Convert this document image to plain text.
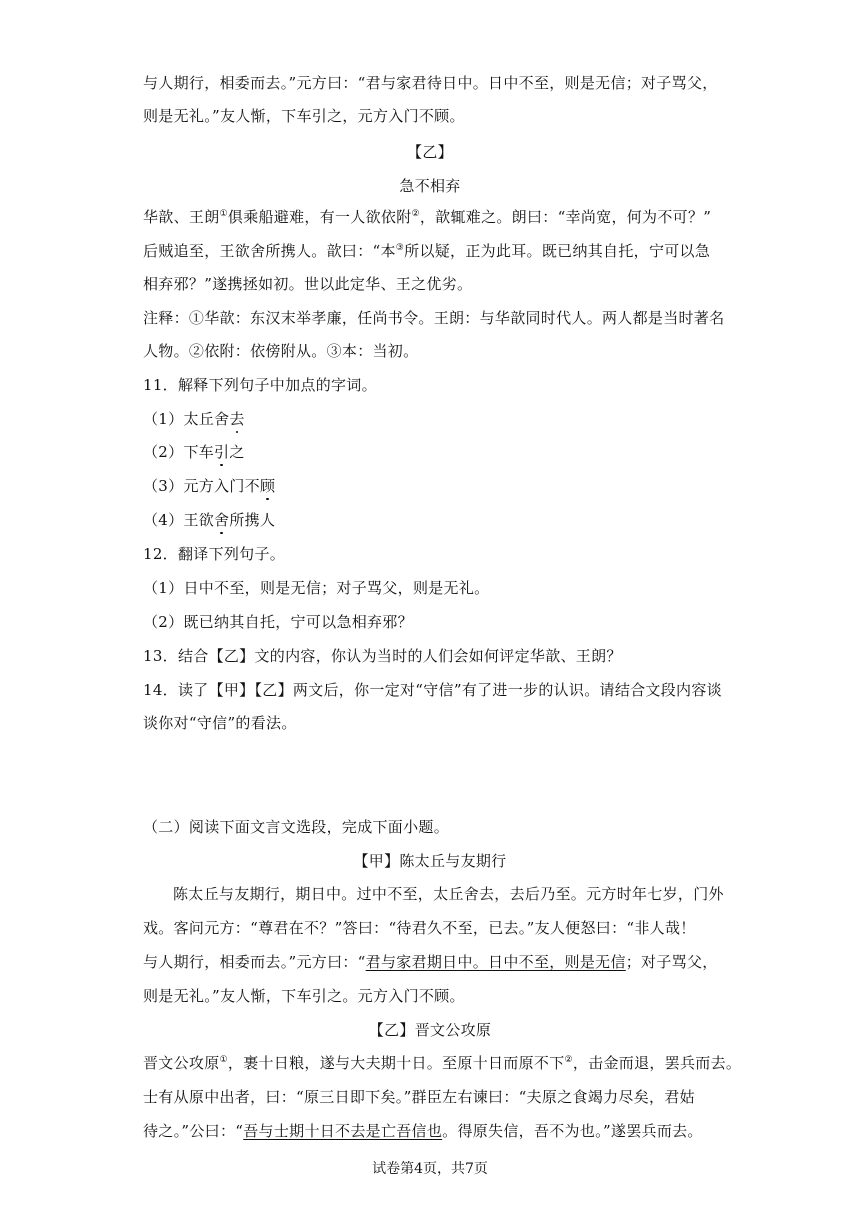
与人期行，相委而去。”元方曰：“君与家君待日中。日中不至，则是无信；对子骂父，
则是无礼。”友人惭，下车引之，元方入门不顾。
【乙】
急不相弃
华歆、王朗①俱乘船避难，有一人欲依附②，歆辄难之。朗曰：“幸尚宽，何为不可？”
后贼追至，王欲舍所携人。歆曰：“本③所以疑，正为此耳。既已纳其自托，宁可以急
相弃邪？”遂携拯如初。世以此定华、王之优劣。
注释：①华歆：东汉末举孝廉，任尚书令。王朗：与华歆同时代人。两人都是当时著名
人物。②依附：依傍附从。③本：当初。
11．解释下列句子中加点的字词。
（1）太丘舍去
（2）下车引之
（3）元方入门不顾
（4）王欲舍所携人
12．翻译下列句子。
（1）日中不至，则是无信；对子骂父，则是无礼。
（2）既已纳其自托，宁可以急相弃邪？
13．结合【乙】文的内容，你认为当时的人们会如何评定华歆、王朗？
14．读了【甲】【乙】两文后，你一定对“守信”有了进一步的认识。请结合文段内容谈
谈你对“守信”的看法。
（二）阅读下面文言文选段，完成下面小题。
【甲】陈太丘与友期行
陈太丘与友期行，期日中。过中不至，太丘舍去，去后乃至。元方时年七岁，门外
戏。客问元方：“尊君在不？”答曰：“待君久不至，已去。”友人便怒曰：“非人哉！
与人期行，相委而去。”元方曰：“君与家君期日中。日中不至，则是无信；对子骂父，
则是无礼。”友人惭，下车引之。元方入门不顾。
【乙】晋文公攻原
晋文公攻原①，裹十日粮，遂与大夫期十日。至原十日而原不下②，击金而退，罢兵而去。
士有从原中出者，曰：“原三日即下矣。”群臣左右谏曰：“夫原之食竭力尽矣，君姑
待之。”公曰：“吾与士期十日不去是亡吾信也。得原失信，吾不为也。”遂罢兵而去。
试卷第4页，共7页
